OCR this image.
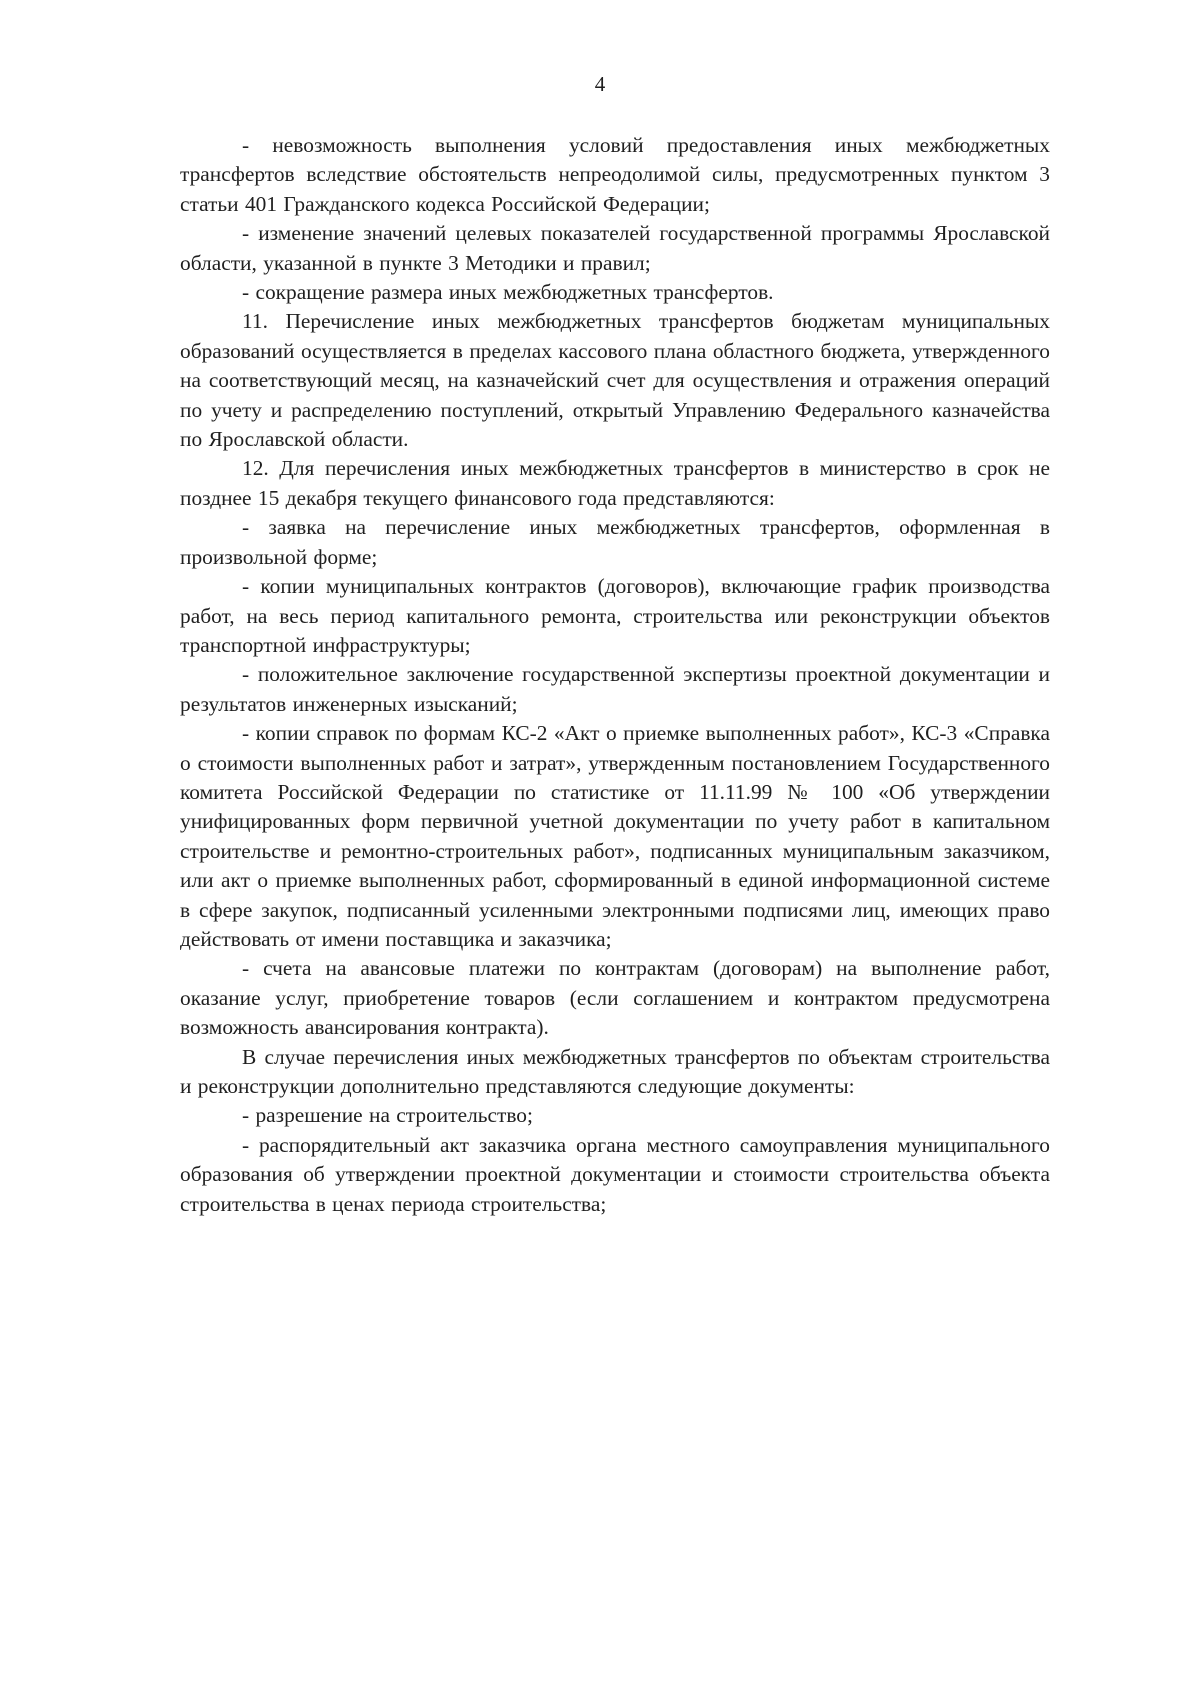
4

- невозможность выполнения условий предоставления иных межбюджетных трансфертов вследствие обстоятельств непреодолимой силы, предусмотренных пунктом 3 статьи 401 Гражданского кодекса Российской Федерации;

- изменение значений целевых показателей государственной программы Ярославской области, указанной в пункте 3 Методики и правил;

- сокращение размера иных межбюджетных трансфертов.

11. Перечисление иных межбюджетных трансфертов бюджетам муниципальных образований осуществляется в пределах кассового плана областного бюджета, утвержденного на соответствующий месяц, на казначейский счет для осуществления и отражения операций по учету и распределению поступлений, открытый Управлению Федерального казначейства по Ярославской области.

12. Для перечисления иных межбюджетных трансфертов в министерство в срок не позднее 15 декабря текущего финансового года представляются:

- заявка на перечисление иных межбюджетных трансфертов, оформленная в произвольной форме;

- копии муниципальных контрактов (договоров), включающие график производства работ, на весь период капитального ремонта, строительства или реконструкции объектов транспортной инфраструктуры;

- положительное заключение государственной экспертизы проектной документации и результатов инженерных изысканий;

- копии справок по формам КС-2 «Акт о приемке выполненных работ», КС-3 «Справка о стоимости выполненных работ и затрат», утвержденным постановлением Государственного комитета Российской Федерации по статистике от 11.11.99 № 100 «Об утверждении унифицированных форм первичной учетной документации по учету работ в капитальном строительстве и ремонтно-строительных работ», подписанных муниципальным заказчиком, или акт о приемке выполненных работ, сформированный в единой информационной системе в сфере закупок, подписанный усиленными электронными подписями лиц, имеющих право действовать от имени поставщика и заказчика;

- счета на авансовые платежи по контрактам (договорам) на выполнение работ, оказание услуг, приобретение товаров (если соглашением и контрактом предусмотрена возможность авансирования контракта).

В случае перечисления иных межбюджетных трансфертов по объектам строительства и реконструкции дополнительно представляются следующие документы:

- разрешение на строительство;

- распорядительный акт заказчика органа местного самоуправления муниципального образования об утверждении проектной документации и стоимости строительства объекта строительства в ценах периода строительства;
